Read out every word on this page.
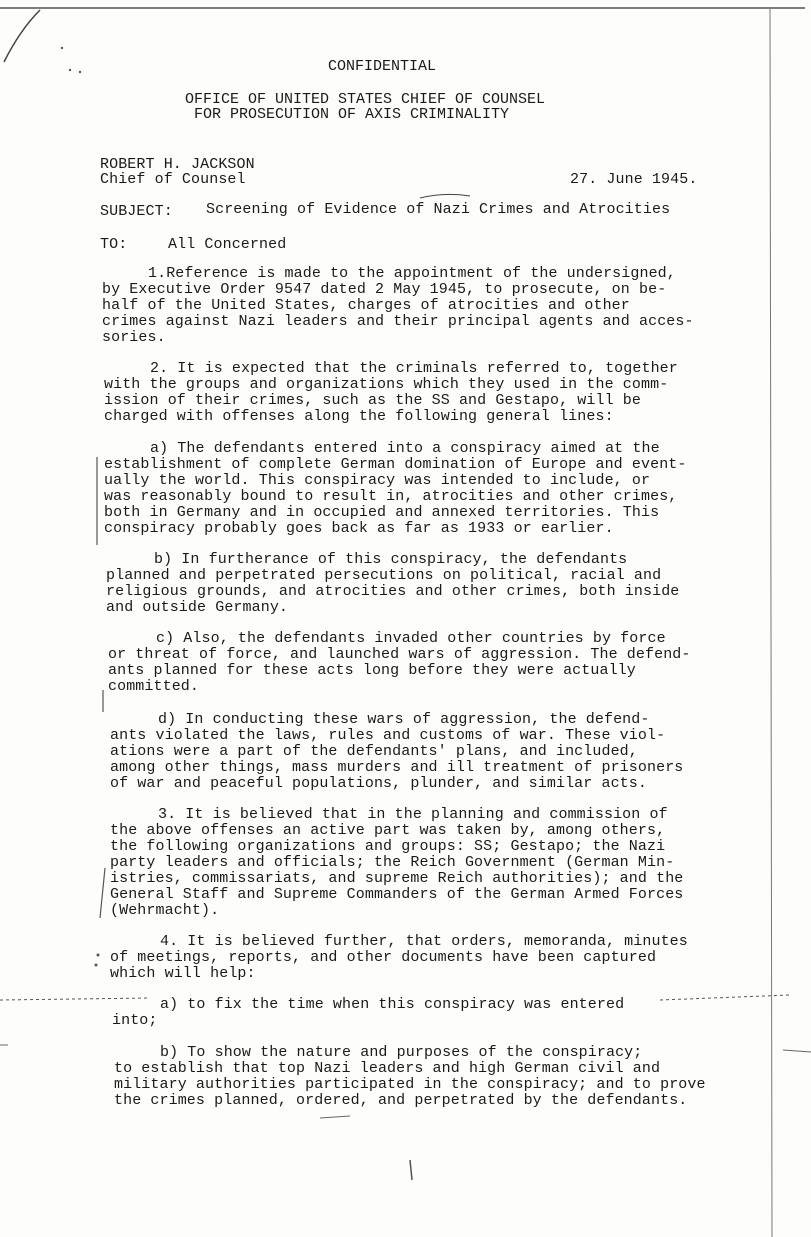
CONFIDENTIAL
OFFICE OF UNITED STATES CHIEF OF COUNSEL
FOR PROSECUTION OF AXIS CRIMINALITY
ROBERT H. JACKSON
Chief of Counsel	27. June 1945.
SUBJECT: Screening of Evidence of Nazi Crimes and Atrocities
TO:	All Concerned
1.Reference is made to the appointment of the undersigned,
by Executive Order 9547 dated 2 May 1945, to prosecute, on be-
half of the United States, charges of atrocities and other
crimes against Nazi leaders and their principal agents and acces-
sories.
2. It is expected that the criminals referred to, together
with the groups and organizations which they used in the comm-
ission of their crimes, such as the SS and Gestapo, will be
charged with offenses along the following general lines:
a) The defendants entered into a conspiracy aimed at the
establishment of complete German domination of Europe and event-
ually the world. This conspiracy was intended to include, or
was reasonably bound to result in, atrocities and other crimes,
both in Germany and in occupied and annexed territories. This
conspiracy probably goes back as far as 1933 or earlier.
b) In furtherance of this conspiracy, the defendants
planned and perpetrated persecutions on political, racial and
religious grounds, and atrocities and other crimes, both inside
and outside Germany.
c) Also, the defendants invaded other countries by force
or threat of force, and launched wars of aggression. The defend-
ants planned for these acts long before they were actually
committed.
d) In conducting these wars of aggression, the defend-
ants violated the laws, rules and customs of war. These viol-
ations were a part of the defendants' plans, and included,
among other things, mass murders and ill treatment of prisoners
of war and peaceful populations, plunder, and similar acts.
3. It is believed that in the planning and commission of
the above offenses an active part was taken by, among others,
the following organizations and groups: SS; Gestapo; the Nazi
party leaders and officials; the Reich Government (German Min-
istries, commissariats, and supreme Reich authorities); and the
General Staff and Supreme Commanders of the German Armed Forces
(Wehrmacht).
4. It is believed further, that orders, memoranda, minutes
of meetings, reports, and other documents have been captured
which will help:
a) to fix the time when this conspiracy was entered
into;
b) To show the nature and purposes of the conspiracy;
to establish that top Nazi leaders and high German civil and
military authorities participated in the conspiracy; and to prove
the crimes planned, ordered, and perpetrated by the defendants.
